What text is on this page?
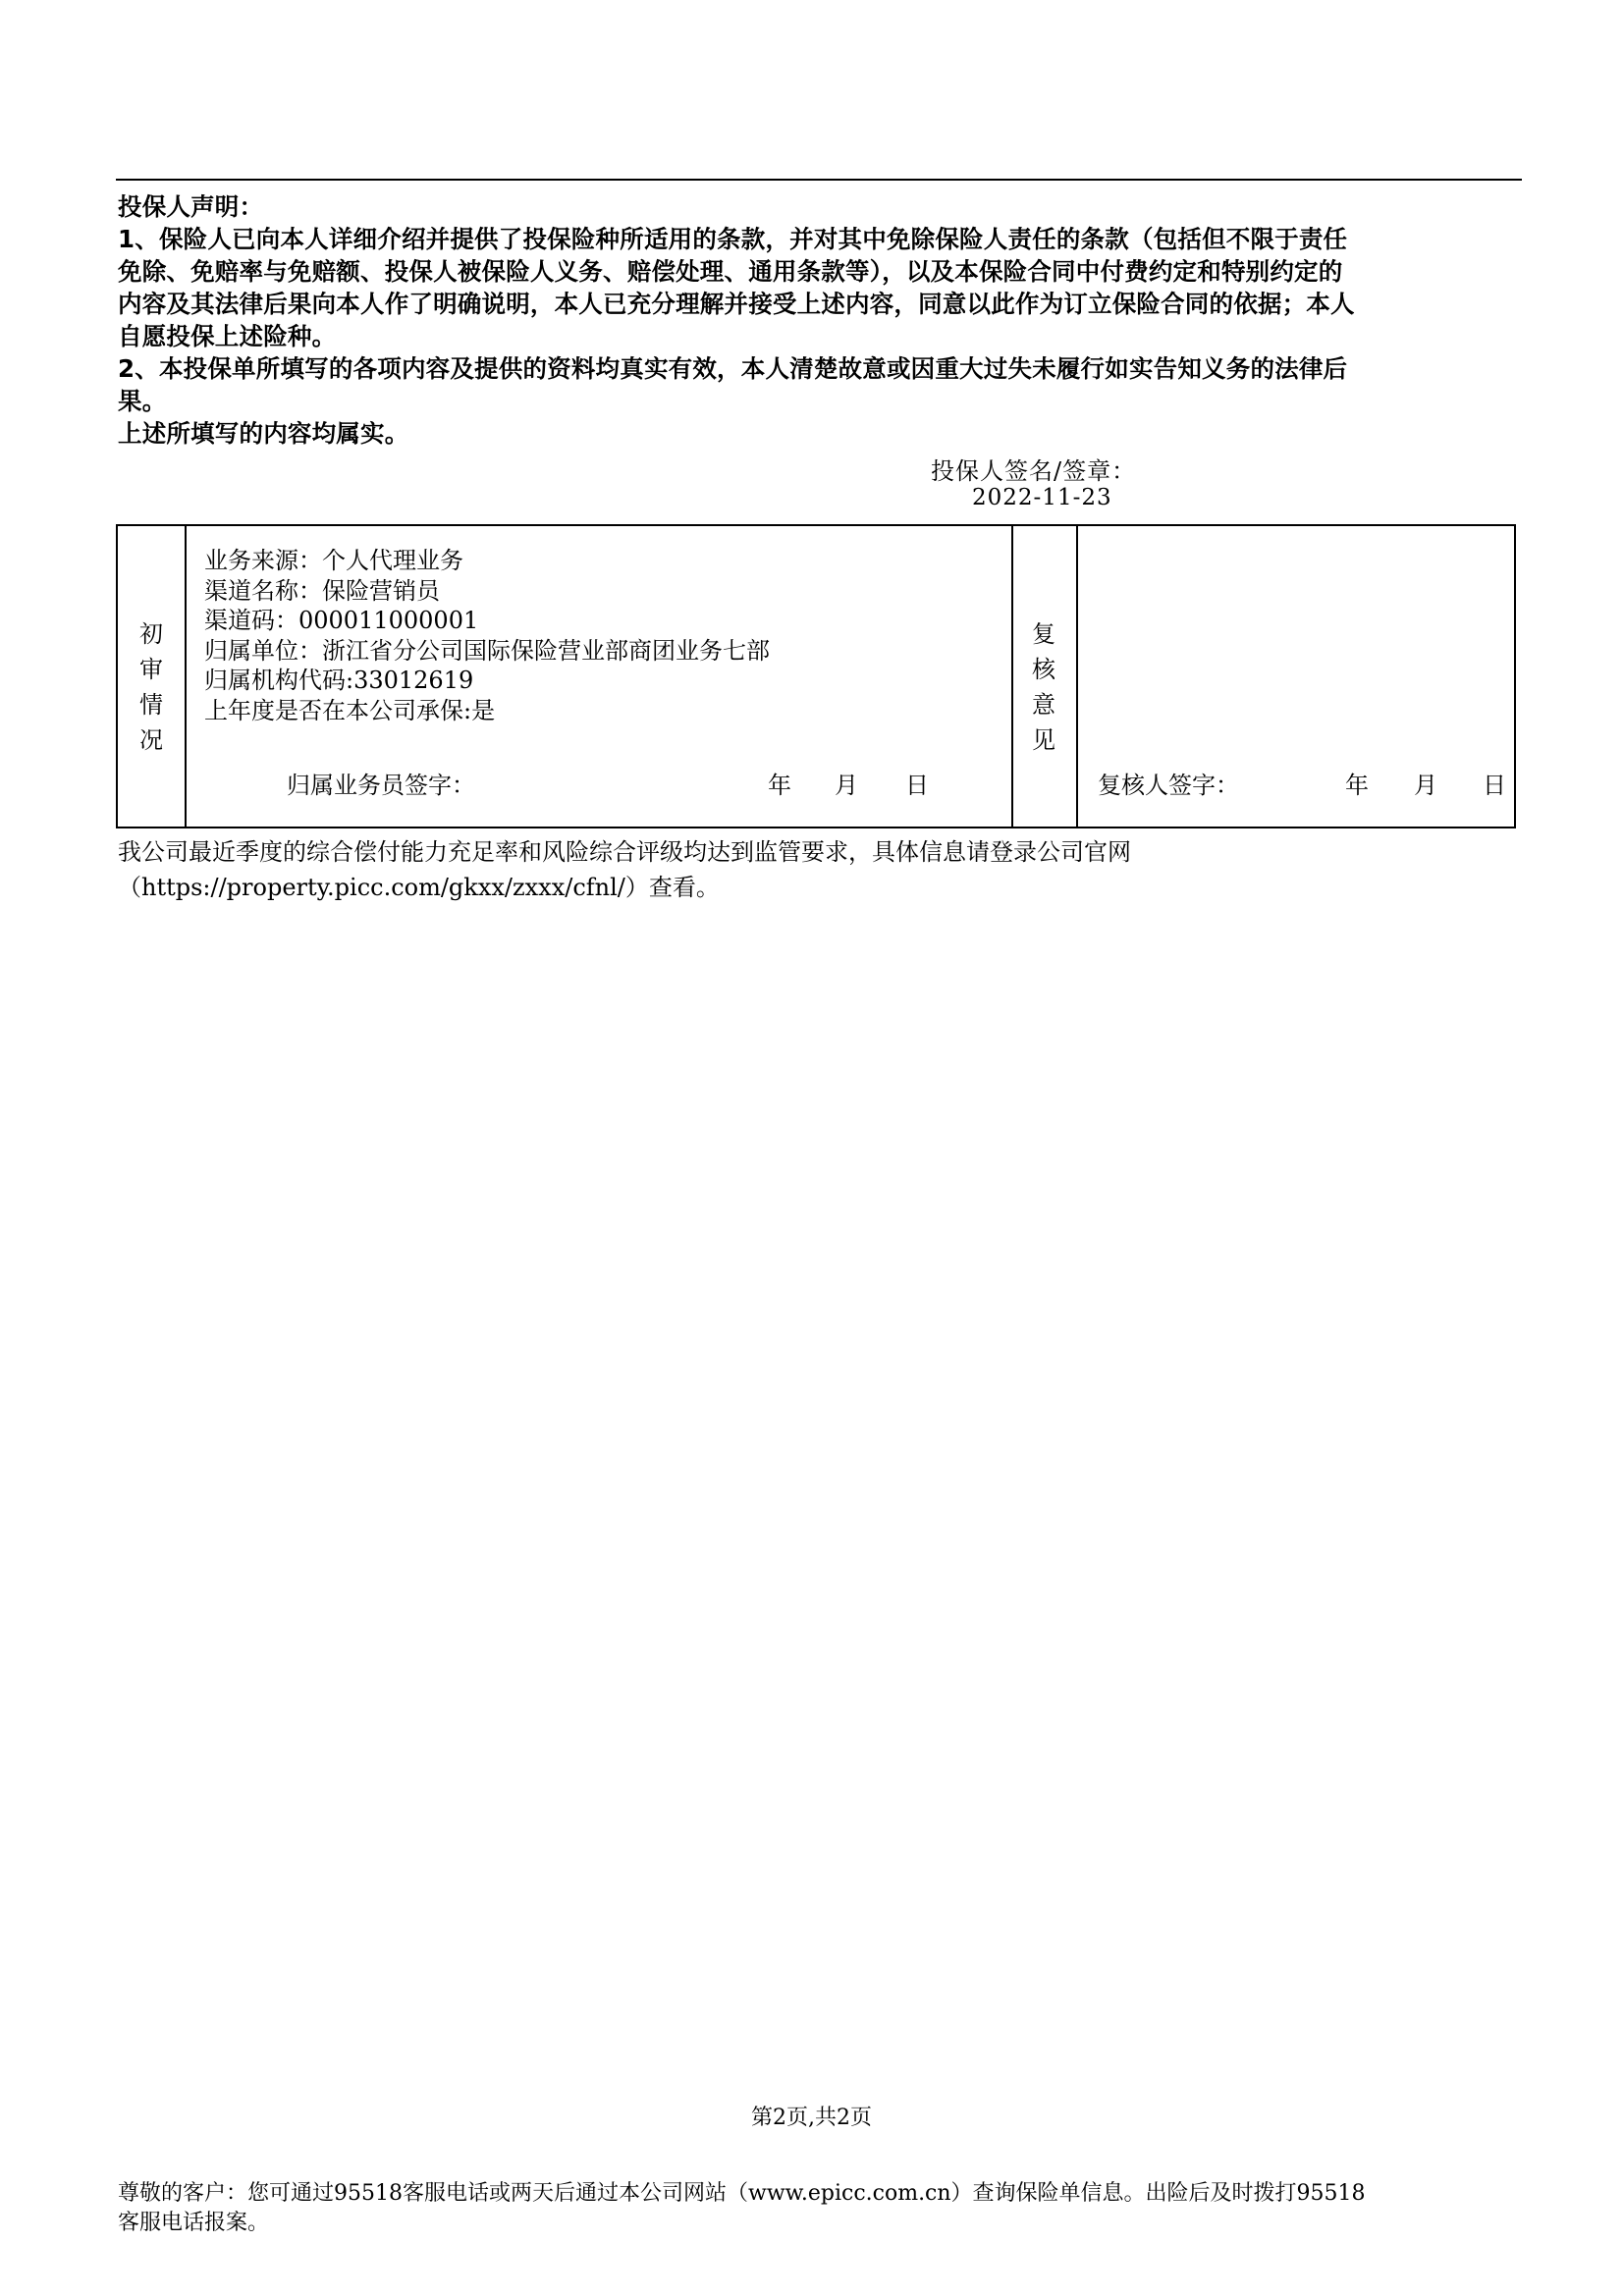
投保人声明：
1、保险人已向本人详细介绍并提供了投保险种所适用的条款，并对其中免除保险人责任的条款（包括但不限于责任
免除、免赔率与免赔额、投保人被保险人义务、赔偿处理、通用条款等），以及本保险合同中付费约定和特别约定的
内容及其法律后果向本人作了明确说明，本人已充分理解并接受上述内容，同意以此作为订立保险合同的依据；本人
自愿投保上述险种。
2、本投保单所填写的各项内容及提供的资料均真实有效，本人清楚故意或因重大过失未履行如实告知义务的法律后
果。
上述所填写的内容均属实。
投保人签名/签章：
2022-11-23
初
审
情
况
业务来源：个人代理业务
渠道名称：保险营销员
渠道码：000011000001
归属单位：浙江省分公司国际保险营业部商团业务七部
归属机构代码:33012619
上年度是否在本公司承保:是
归属业务员签字：	年 月 日
复
核
意
见
复核人签字：	年 月 日
我公司最近季度的综合偿付能力充足率和风险综合评级均达到监管要求，具体信息请登录公司官网
（https://property.picc.com/gkxx/zxxx/cfnl/）查看。
第2页,共2页
尊敬的客户：您可通过95518客服电话或两天后通过本公司网站（www.epicc.com.cn）查询保险单信息。出险后及时拨打95518
客服电话报案。
